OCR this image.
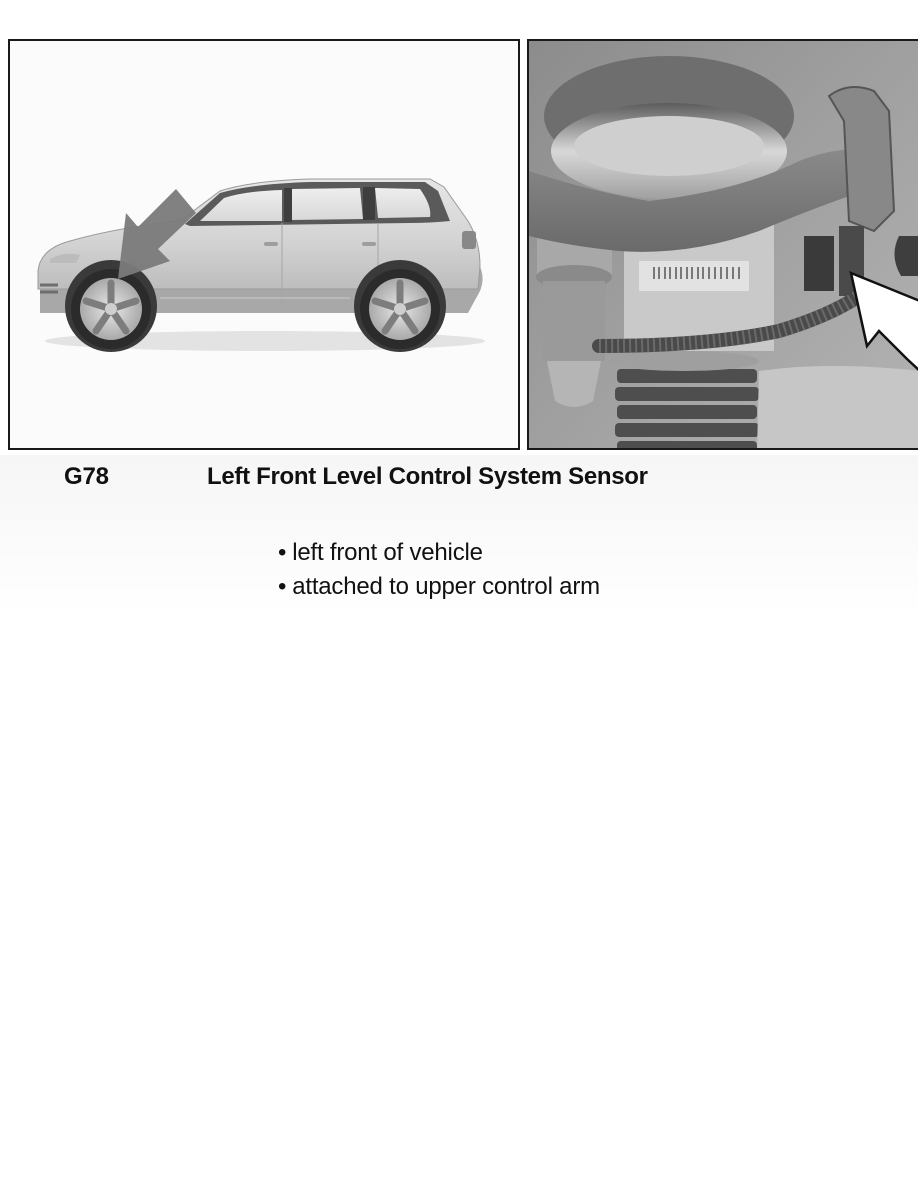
G78	Left Front Level Control System Sensor
• left front of vehicle
• attached to upper control arm
